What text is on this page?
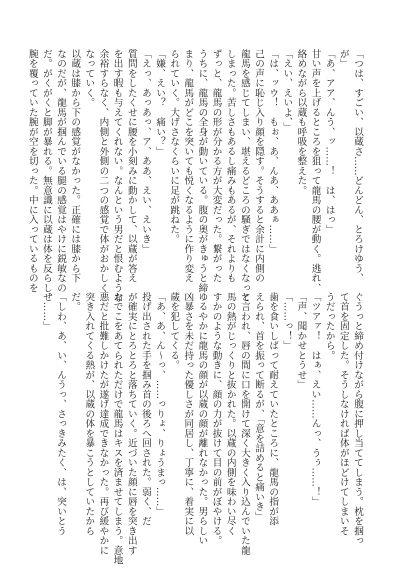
「つは、すごい、以蔵さ……どんどん、とろけゆう、
が」
「あ、アア、んう、ッ……！　は、はっ」
甘い声を上げるところを狙って龍馬の腰が動く。逃れ、
絡めながら以蔵も呼吸を整えた。
「えい、えいよ、」
「は、ッウ！　もぉ、あ、んあ、ああぁ……」
己の声に恥じ入り顔を隠す。そうすると余計に内側の
龍馬を感じてしまい、堪えるどころの騒ぎではなくなって
しまった。苦しさもあるし痛みもあるが、それよりも
ずっと、龍馬の形が分かる方が大変だった。繋がった
うちに、龍馬の全身が動いている。腹の奥がきゅうと締
まり、龍馬がどこを突いても悦くなるように作り変え
られていく。大げさなくらいに足が跳ねた。
「嫌、えい？　痛い？」
「えっ、あっあっ、ア、ああ、えい、えいき」
質問をしたくせに腰を小刻みに動かして、以蔵が答え
を出す暇も与えてくれない。なんという男だと恨むような
余裕すらなく、内側と外側の二つの感覚で体がおかしく
なっていく。
以蔵は膝から下の感覚がなかった。正確には膝から下
なのだが、龍馬が掴んでいる腿の感覚はやけに鋭敏なの
だ。がくがくと脚が暴れる。無意識に以蔵は体を反らし、
腕を覆っていた腕が空を切った。中に入っているものを
ぐうっと締め付けながら腹に押し当ててしまう。枕を掴っ
て首を固定した。そうしなければ体がほどけてしまいそ
うだったから。
「ツアァ！　はぁ、えい……んっ、うぅ……！」
「声、聞かせとうせ」
「……っ！」
歯を食いしばって耐えていたところに、龍馬の指が添
えられ、首を振って断るが、「意を詰めると痛いき」
と言われ、唇の間に口を開けて深く大きく入り込んでいた龍
馬の熱がじっくりと抜かれた。以蔵の内側を味わい尽く
すかのような動きに、顔の力が抜けて目の前がぼやける。
ゆるやかに龍馬の顔が以蔵の顔が離れなかった。男らしい
凶暴さを未だ持った優しさが同居し、丁寧に、着実に以
蔵を犯してくる。
「あ、あ、ん〜っ、……っりょ、りょうまっ……」
投げ出された手を掴み首の後ろへ回された。弱く、だ
が確実にとろとろと落ちていく。近づいた顔に唇を突き出す
おでこをあてられただけで龍馬はキスを済ませてしまう。意地
悪だと批難しかけたが遂げ達成できなかった。再び緩やかに
突き入れてくる熱が、以蔵の体を暴こうとしていたから
だ。
「しわ、あ、い、んうっ、さっきみたく、は、突いとう
せ……」
